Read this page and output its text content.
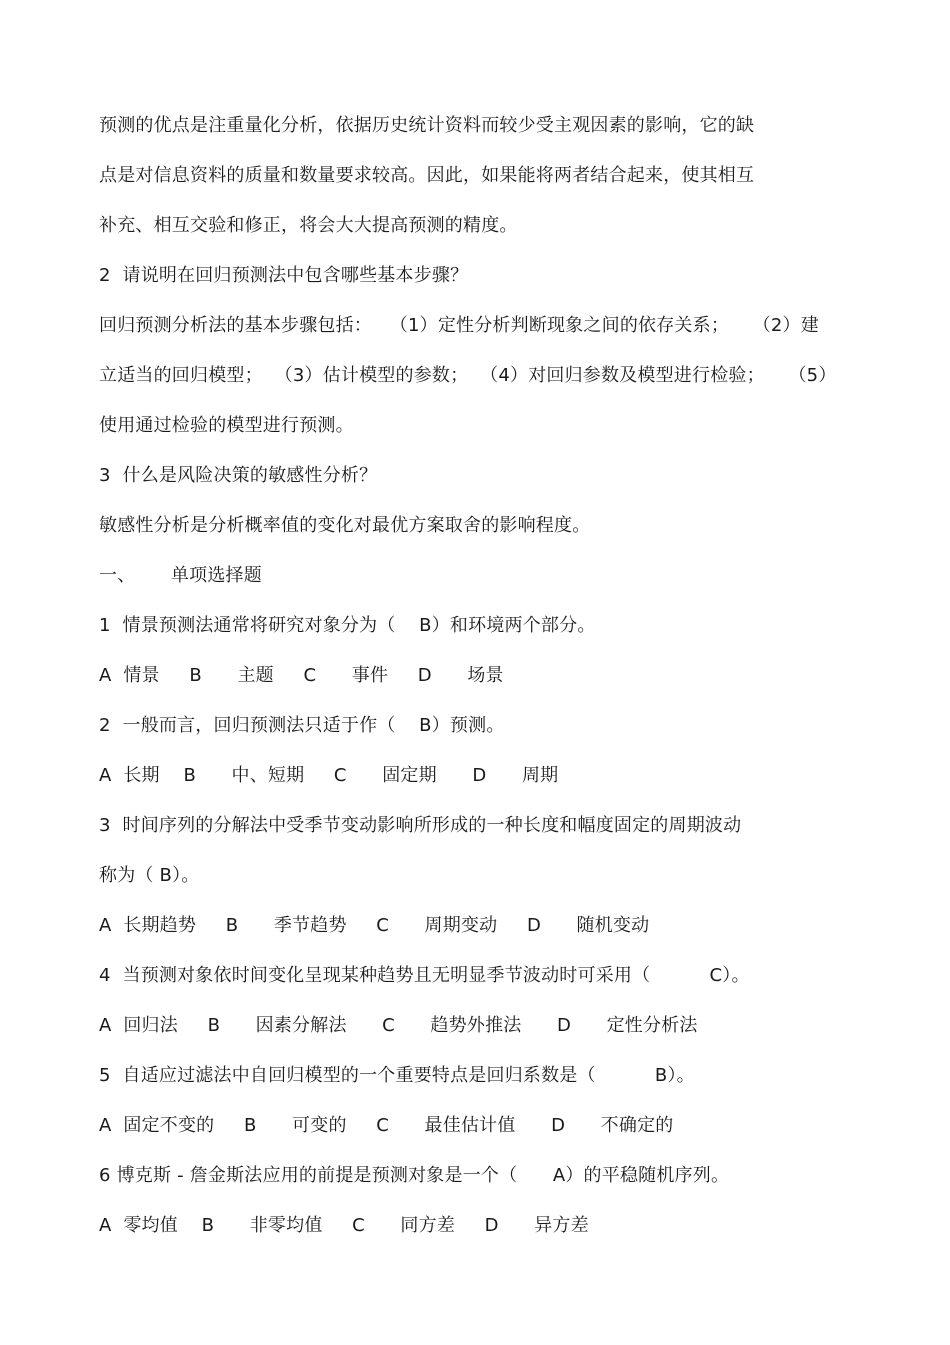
预测的优点是注重量化分析，依据历史统计资料而较少受主观因素的影响，它的缺
点是对信息资料的质量和数量要求较高。因此，如果能将两者结合起来，使其相互
补充、相互交验和修正，将会大大提高预测的精度。
2  请说明在回归预测法中包含哪些基本步骤？
回归预测分析法的基本步骤包括：   （1）定性分析判断现象之间的依存关系；    （2）建
立适当的回归模型；  （3）估计模型的参数；  （4）对回归参数及模型进行检验；    （5）
使用通过检验的模型进行预测。
3  什么是风险决策的敏感性分析？
敏感性分析是分析概率值的变化对最优方案取舍的影响程度。
一、      单项选择题
1  情景预测法通常将研究对象分为（    B）和环境两个部分。
A  情景     B      主题     C      事件     D      场景
2  一般而言，回归预测法只适于作（    B）预测。
A  长期    B      中、短期     C      固定期      D      周期
3  时间序列的分解法中受季节变动影响所形成的一种长度和幅度固定的周期波动
称为（ B）。
A  长期趋势     B      季节趋势     C      周期变动     D      随机变动
4  当预测对象依时间变化呈现某种趋势且无明显季节波动时可采用（          C）。
A  回归法     B      因素分解法      C      趋势外推法      D      定性分析法
5  自适应过滤法中自回归模型的一个重要特点是回归系数是（          B）。
A  固定不变的     B      可变的     C      最佳估计值      D      不确定的
6 博克斯 - 詹金斯法应用的前提是预测对象是一个（      A）的平稳随机序列。
A  零均值    B      非零均值     C      同方差     D      异方差
